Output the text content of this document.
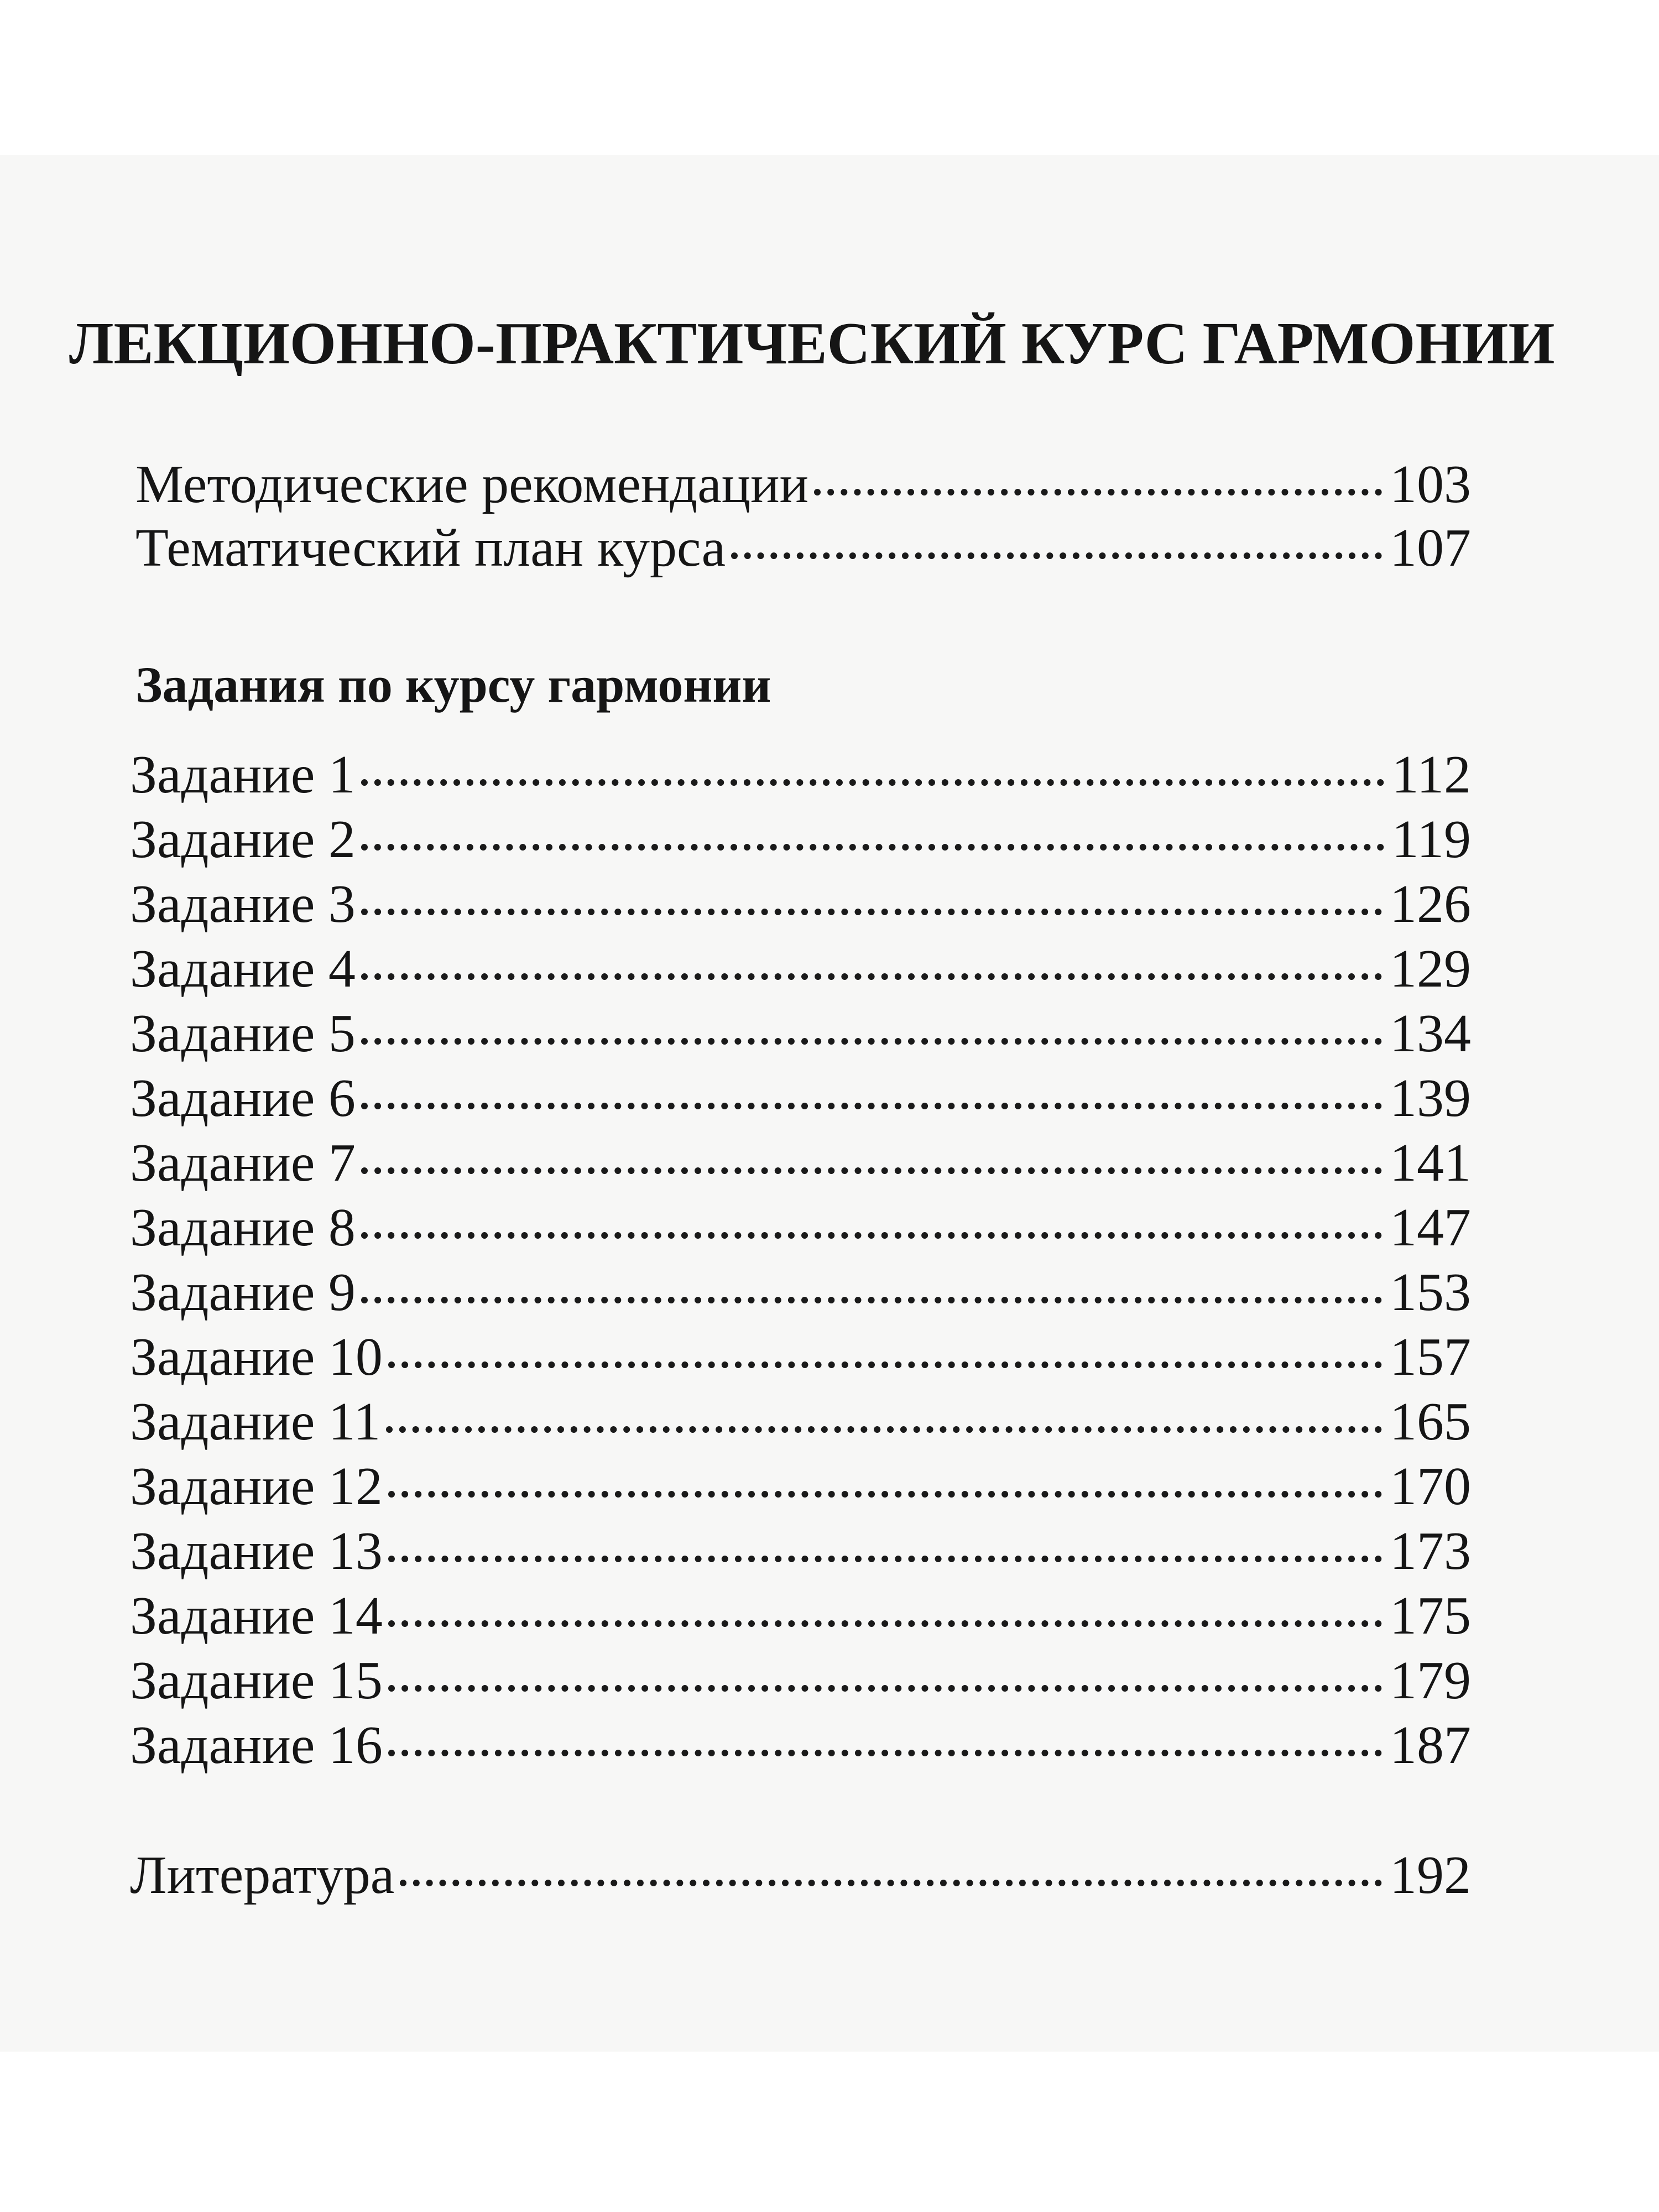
ЛЕКЦИОННО-ПРАКТИЧЕСКИЙ КУРС ГАРМОНИИ
Методические рекомендации	103
Тематический план курса	107
Задания по курсу гармонии
Задание 1	112
Задание 2	119
Задание 3	126
Задание 4	129
Задание 5	134
Задание 6	139
Задание 7	141
Задание 8	147
Задание 9	153
Задание 10	157
Задание 11	165
Задание 12	170
Задание 13	173
Задание 14	175
Задание 15	179
Задание 16	187
Литература	192
